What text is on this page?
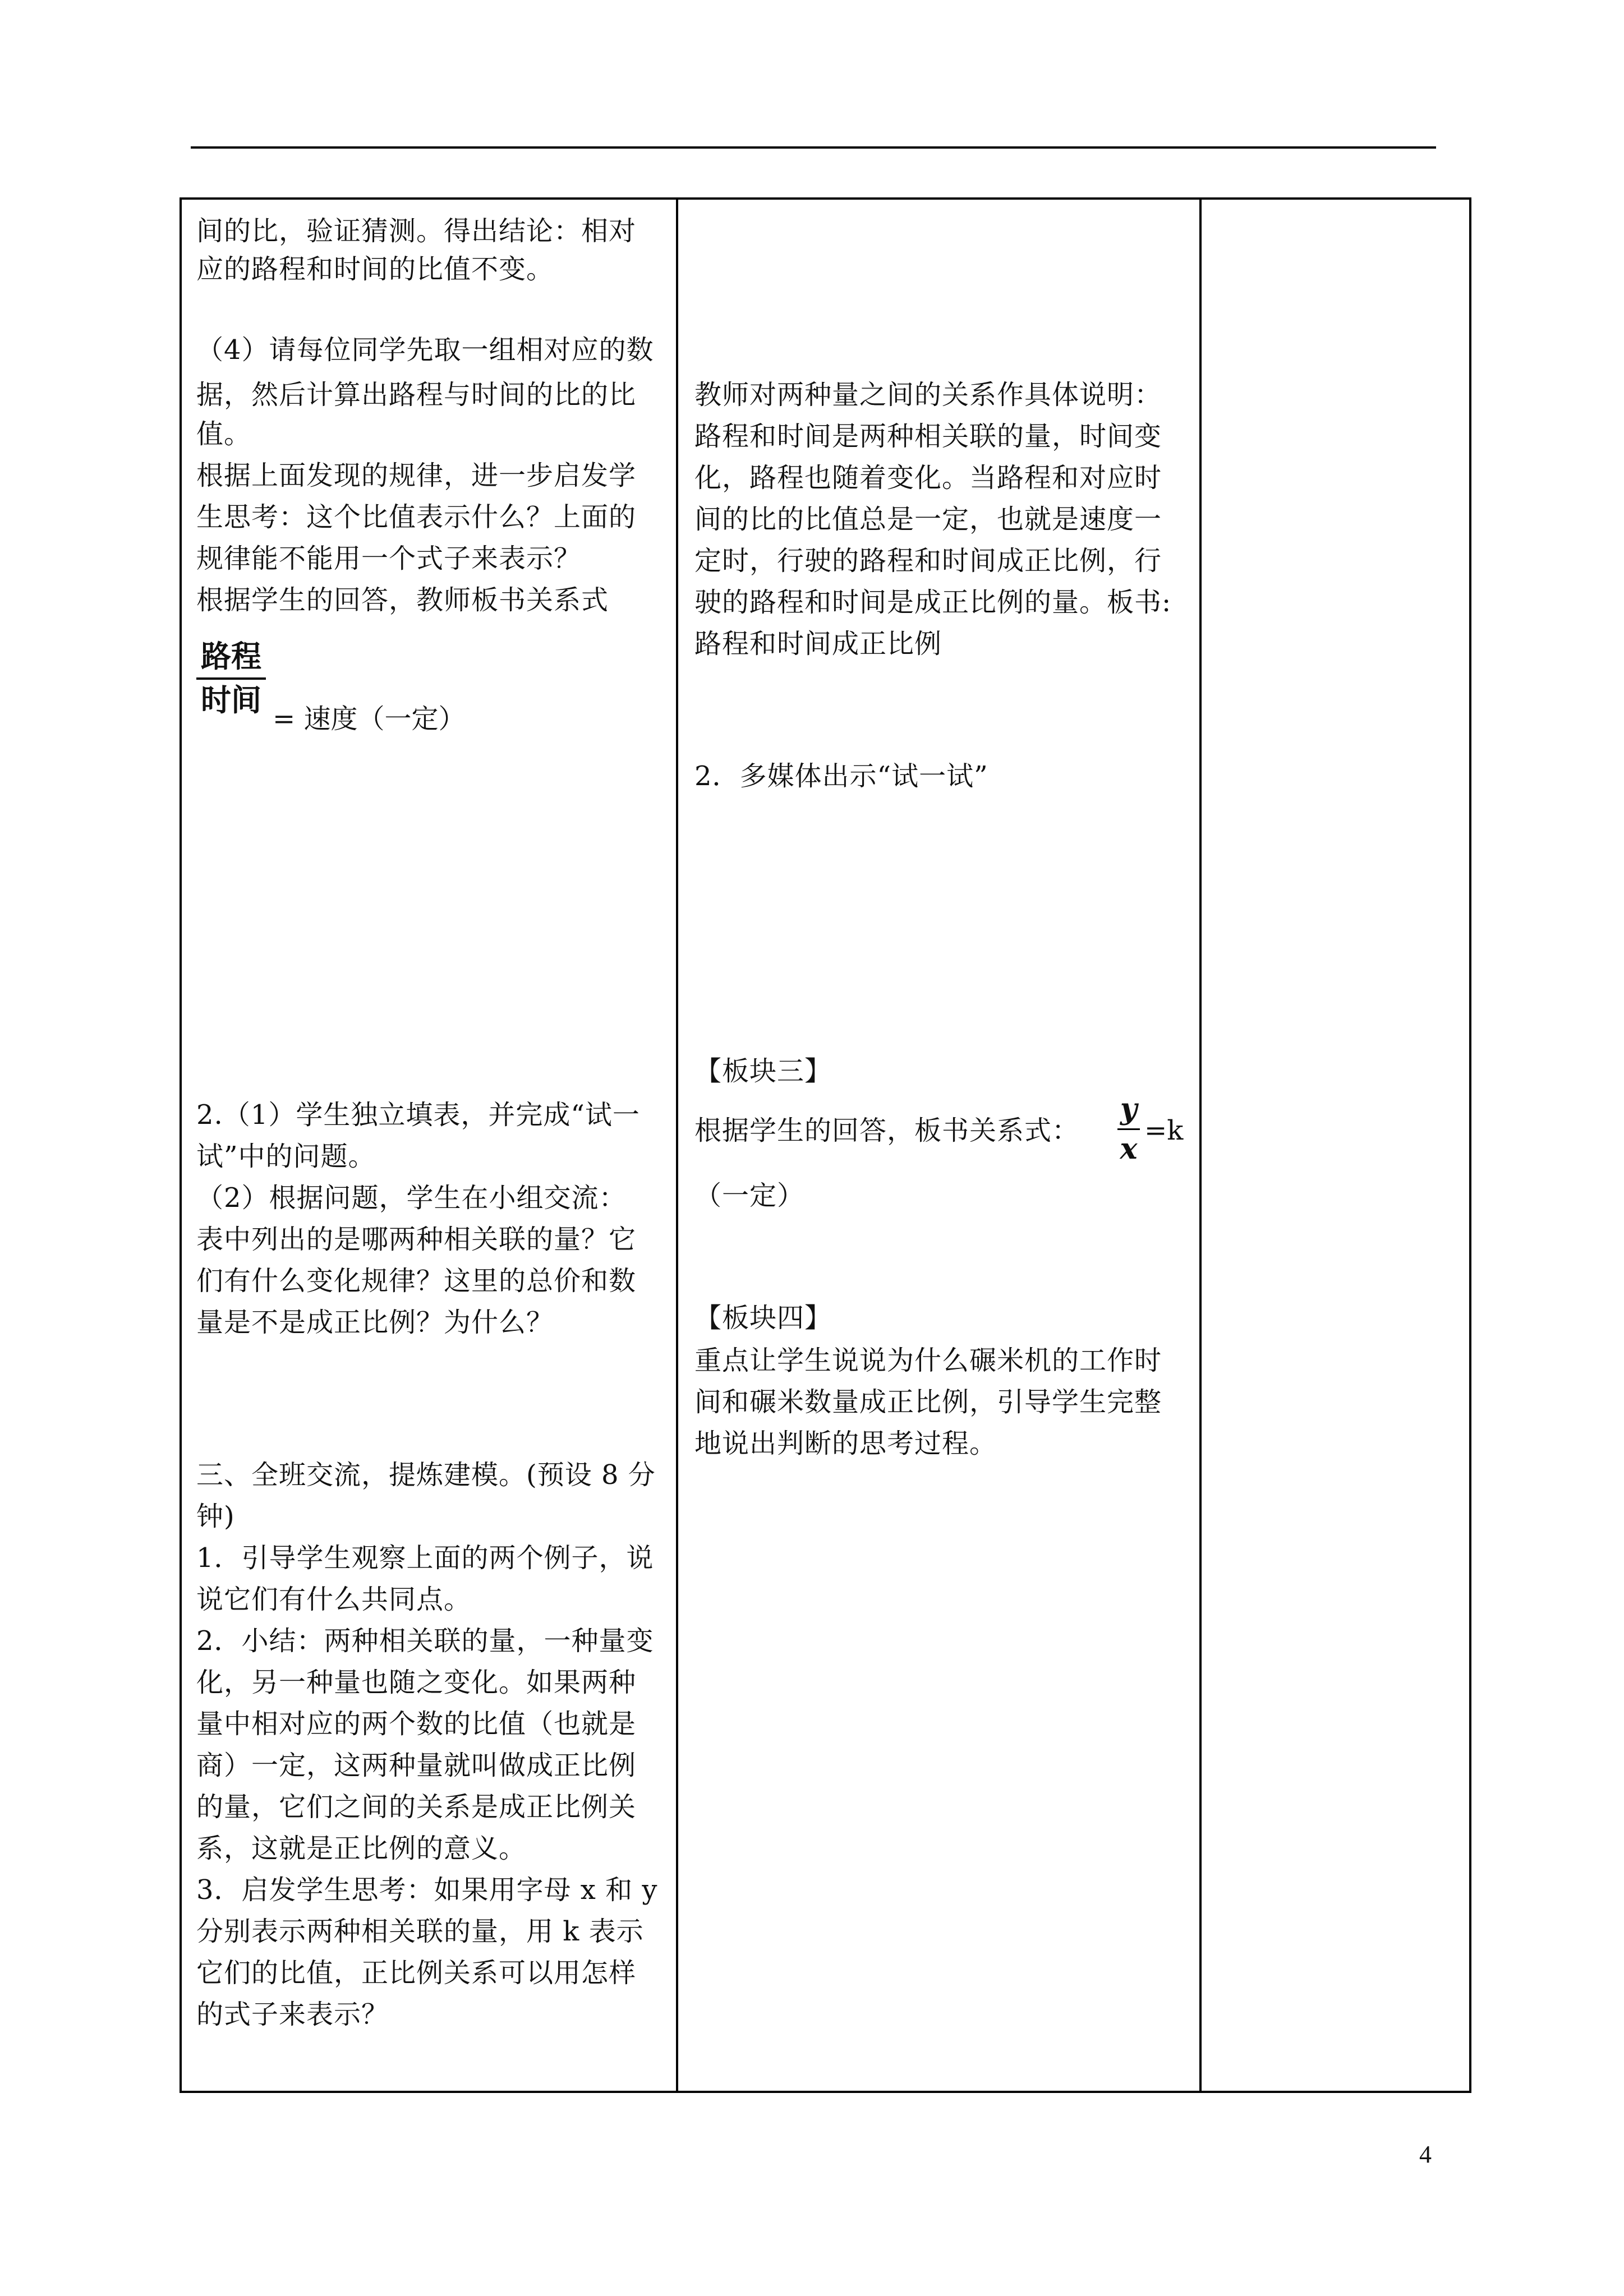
间的比，验证猜测。得出结论：相对
应的路程和时间的比值不变。
（4）请每位同学先取一组相对应的数
据，然后计算出路程与时间的比的比
值。
根据上面发现的规律，进一步启发学
生思考：这个比值表示什么？上面的
规律能不能用一个式子来表示？
根据学生的回答，教师板书关系式
路程
时间
= 速度（一定）
2.（1）学生独立填表，并完成“试一
试”中的问题。
（2）根据问题，学生在小组交流：
表中列出的是哪两种相关联的量？它
们有什么变化规律？这里的总价和数
量是不是成正比例？为什么？
三、全班交流，提炼建模。(预设 8 分
钟)
1．引导学生观察上面的两个例子，说
说它们有什么共同点。
2．小结：两种相关联的量，一种量变
化，另一种量也随之变化。如果两种
量中相对应的两个数的比值（也就是
商）一定，这两种量就叫做成正比例
的量，它们之间的关系是成正比例关
系，这就是正比例的意义。
3．启发学生思考：如果用字母 x 和 y
分别表示两种相关联的量，用 k 表示
它们的比值，正比例关系可以用怎样
的式子来表示？
教师对两种量之间的关系作具体说明：
路程和时间是两种相关联的量，时间变
化，路程也随着变化。当路程和对应时
间的比的比值总是一定，也就是速度一
定时，行驶的路程和时间成正比例，行
驶的路程和时间是成正比例的量。板书:
路程和时间成正比例
2．多媒体出示“试一试”
【板块三】
根据学生的回答，板书关系式：
y
x
=k
（一定）
【板块四】
重点让学生说说为什么碾米机的工作时
间和碾米数量成正比例，引导学生完整
地说出判断的思考过程。
4
